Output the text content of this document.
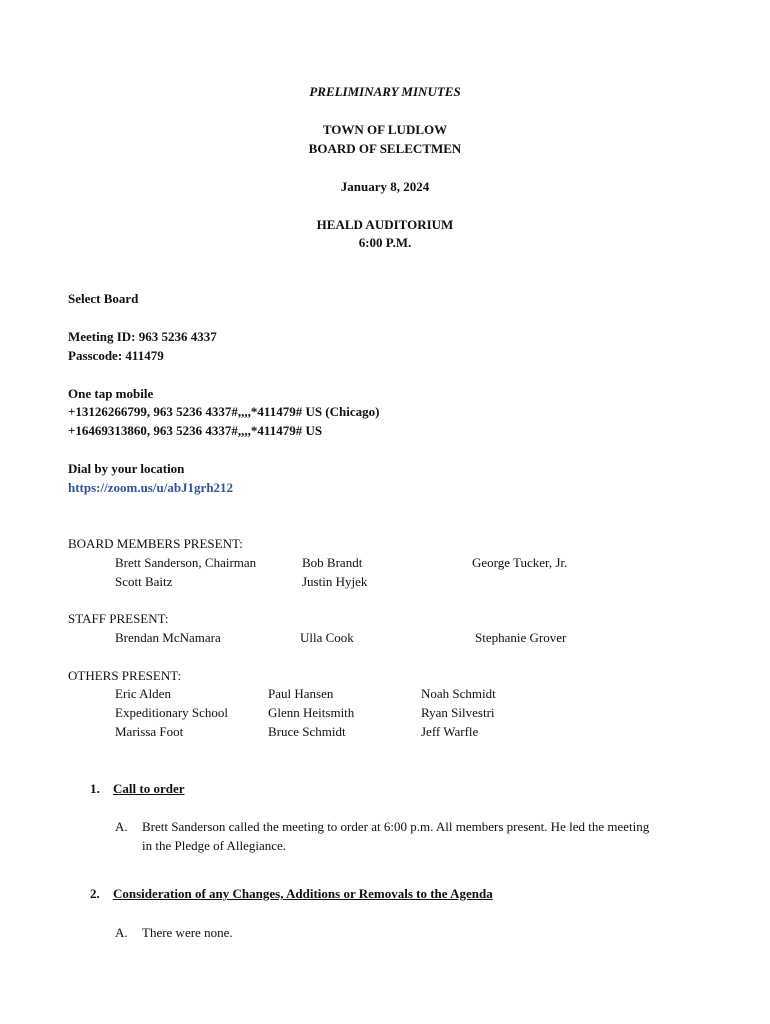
PRELIMINARY MINUTES
TOWN OF LUDLOW
BOARD OF SELECTMEN
January 8, 2024
HEALD AUDITORIUM
6:00 P.M.
Select Board
Meeting ID: 963 5236 4337
Passcode: 411479
One tap mobile
+13126266799, 963 5236 4337#,,,,*411479# US (Chicago)
+16469313860, 963 5236 4337#,,,,*411479# US
Dial by your location
https://zoom.us/u/abJ1grh212
BOARD MEMBERS PRESENT:
Brett Sanderson, Chairman	Bob Brandt	George Tucker, Jr.
Scott Baitz	Justin Hyjek
STAFF PRESENT:
Brendan McNamara	Ulla Cook	Stephanie Grover
OTHERS PRESENT:
Eric Alden	Paul Hansen	Noah Schmidt
Expeditionary School	Glenn Heitsmith	Ryan Silvestri
Marissa Foot	Bruce Schmidt	Jeff Warfle
1. Call to order
A. Brett Sanderson called the meeting to order at 6:00 p.m. All members present. He led the meeting
in the Pledge of Allegiance.
2. Consideration of any Changes, Additions or Removals to the Agenda
A. There were none.
